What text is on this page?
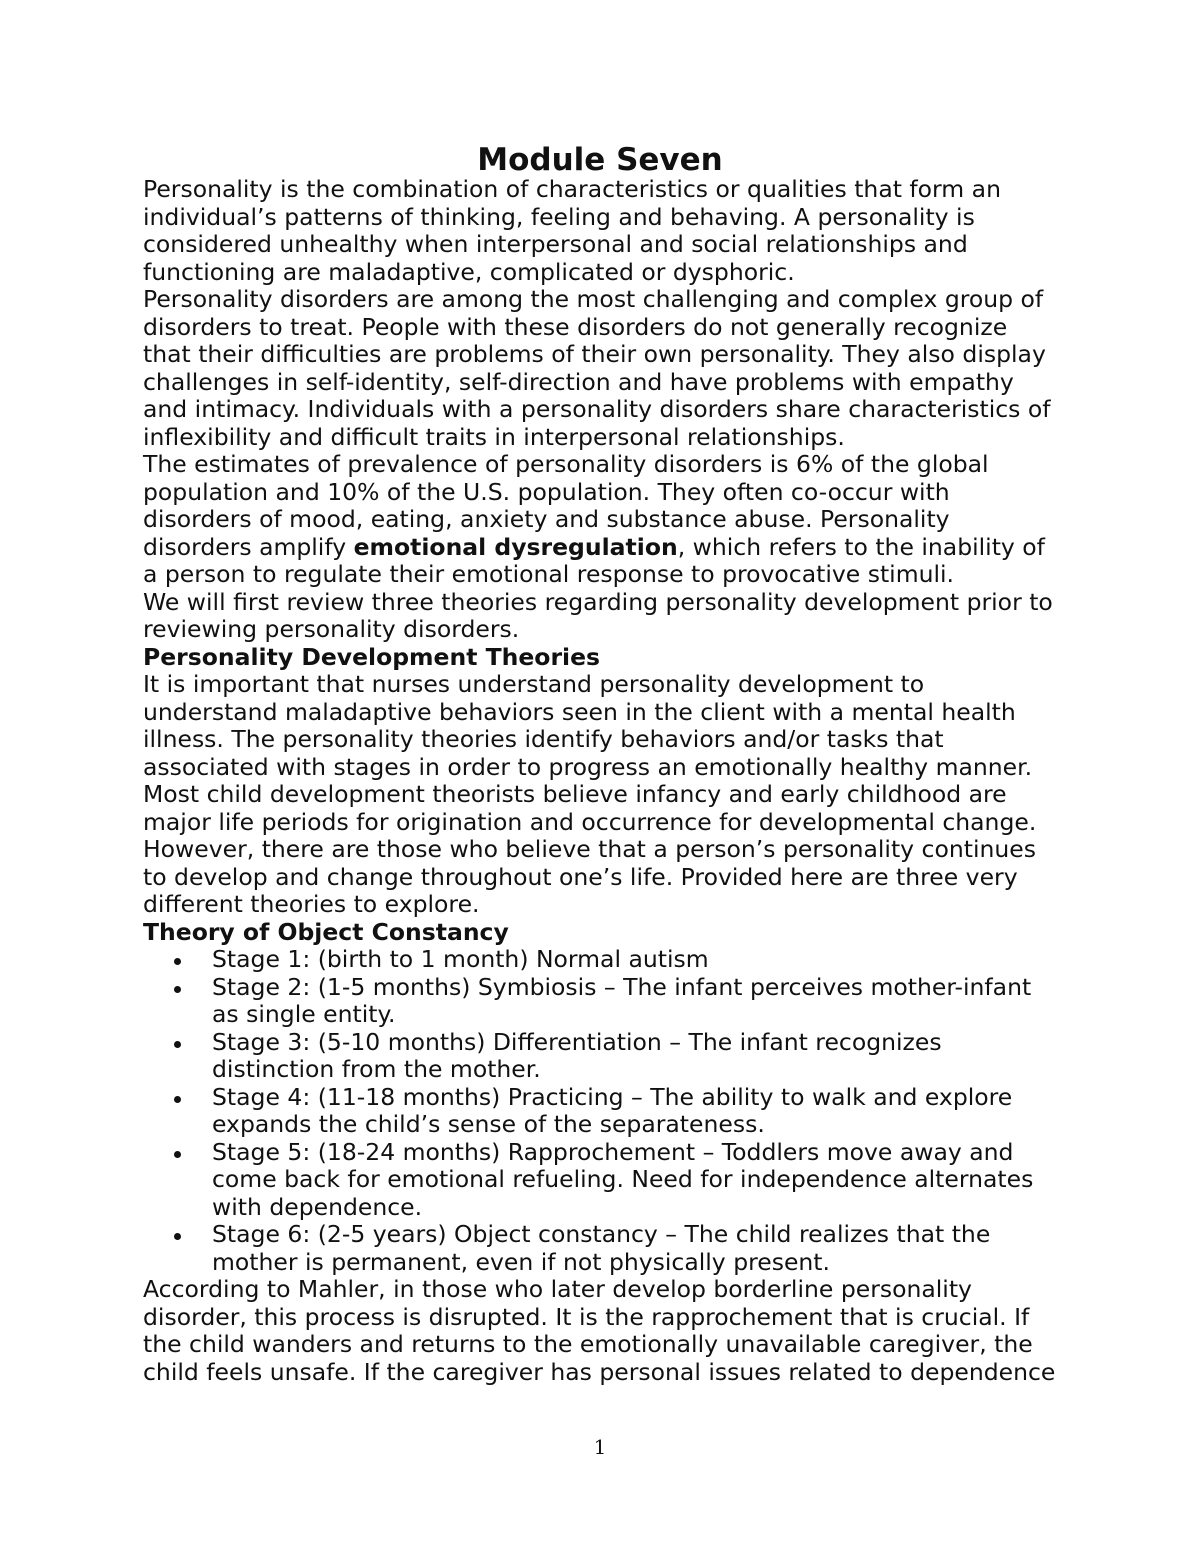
Module Seven
Personality is the combination of characteristics or qualities that form an
individual’s patterns of thinking, feeling and behaving. A personality is
considered unhealthy when interpersonal and social relationships and
functioning are maladaptive, complicated or dysphoric.
Personality disorders are among the most challenging and complex group of
disorders to treat. People with these disorders do not generally recognize
that their difficulties are problems of their own personality. They also display
challenges in self-identity, self-direction and have problems with empathy
and intimacy. Individuals with a personality disorders share characteristics of
inflexibility and difficult traits in interpersonal relationships.
The estimates of prevalence of personality disorders is 6% of the global
population and 10% of the U.S. population. They often co-occur with
disorders of mood, eating, anxiety and substance abuse. Personality
disorders amplify emotional dysregulation, which refers to the inability of
a person to regulate their emotional response to provocative stimuli.
We will first review three theories regarding personality development prior to
reviewing personality disorders.
Personality Development Theories
It is important that nurses understand personality development to
understand maladaptive behaviors seen in the client with a mental health
illness. The personality theories identify behaviors and/or tasks that
associated with stages in order to progress an emotionally healthy manner.
Most child development theorists believe infancy and early childhood are
major life periods for origination and occurrence for developmental change.
However, there are those who believe that a person’s personality continues
to develop and change throughout one’s life. Provided here are three very
different theories to explore.
Theory of Object Constancy
Stage 1: (birth to 1 month) Normal autism
Stage 2: (1-5 months) Symbiosis – The infant perceives mother-infant
as single entity.
Stage 3: (5-10 months) Differentiation – The infant recognizes
distinction from the mother.
Stage 4: (11-18 months) Practicing – The ability to walk and explore
expands the child’s sense of the separateness.
Stage 5: (18-24 months) Rapprochement – Toddlers move away and
come back for emotional refueling. Need for independence alternates
with dependence.
Stage 6: (2-5 years) Object constancy – The child realizes that the
mother is permanent, even if not physically present.
According to Mahler, in those who later develop borderline personality
disorder, this process is disrupted. It is the rapprochement that is crucial. If
the child wanders and returns to the emotionally unavailable caregiver, the
child feels unsafe. If the caregiver has personal issues related to dependence
1
